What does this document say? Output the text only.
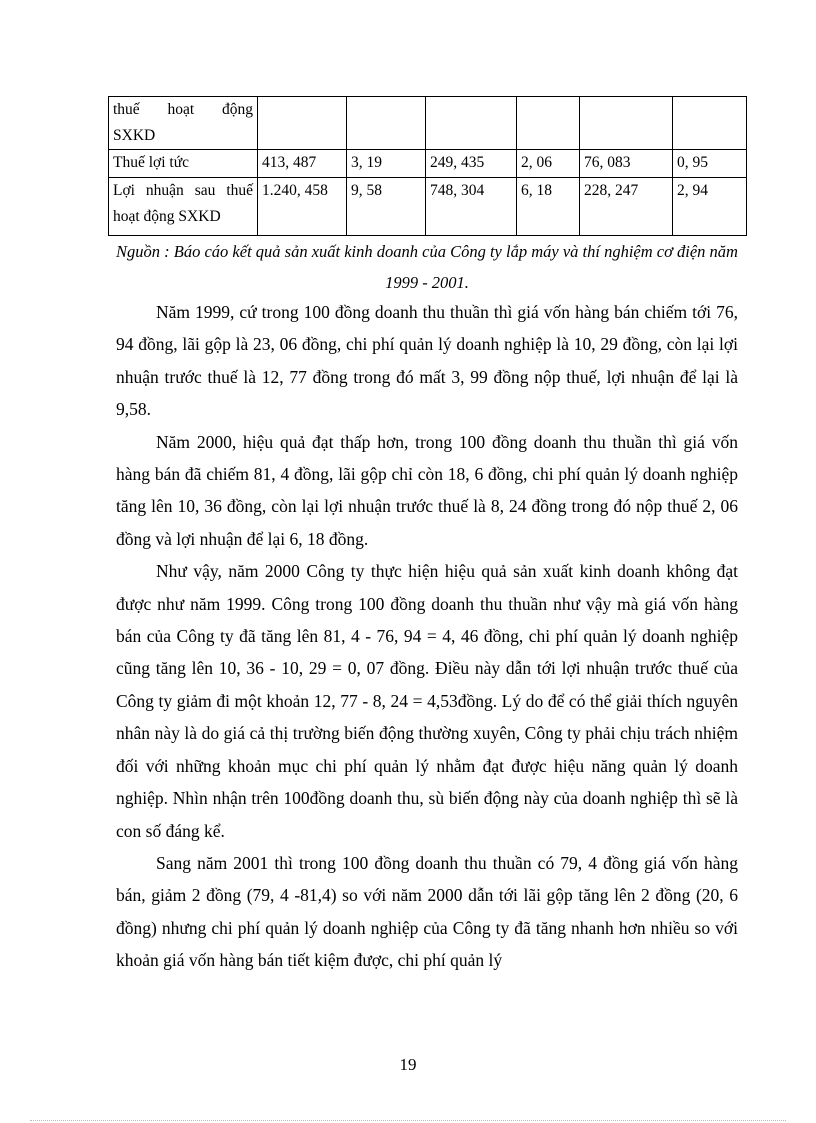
thuế hoạt động
SXKD						

Thuế lợi tức	413, 487	3, 19	249, 435	2, 06	76, 083	0, 95

Lợi nhuận sau thuế
hoạt động SXKD	1.240, 458	9, 58	748, 304	6, 18	228, 247	2, 94
Nguồn : Báo cáo kết quả sản xuất kinh doanh của Công ty lắp máy và thí nghiệm cơ điện năm 1999 - 2001.

Năm 1999, cứ trong 100 đồng doanh thu thuần thì giá vốn hàng bán chiếm tới 76, 94 đồng, lãi gộp là 23, 06 đồng, chi phí quản lý doanh nghiệp là 10, 29 đồng, còn lại lợi nhuận trước thuế là 12, 77 đồng trong đó mất 3, 99 đồng nộp thuế, lợi nhuận để lại là 9,58.

Năm 2000, hiệu quả đạt thấp hơn, trong 100 đồng doanh thu thuần thì giá vốn hàng bán đã chiếm 81, 4 đồng, lãi gộp chỉ còn 18, 6 đồng, chi phí quản lý doanh nghiệp tăng lên 10, 36 đồng, còn lại lợi nhuận trước thuế là 8, 24 đồng trong đó nộp thuế 2, 06 đồng và lợi nhuận để lại 6, 18 đồng.

Như vậy, năm 2000 Công ty thực hiện hiệu quả sản xuất kinh doanh không đạt được như năm 1999. Công trong 100 đồng doanh thu thuần như vậy mà giá vốn hàng bán của Công ty đã tăng lên 81, 4 - 76, 94 = 4, 46 đồng, chi phí quản lý doanh nghiệp cũng tăng lên 10, 36 - 10, 29 = 0, 07 đồng. Điều này dẫn tới lợi nhuận trước thuế của Công ty giảm đi một khoản 12, 77 - 8, 24 = 4,53đồng. Lý do để có thể giải thích nguyên nhân này là do giá cả thị trường biến động thường xuyên, Công ty phải chịu trách nhiệm đối với những khoản mục chi phí quản lý nhằm đạt được hiệu năng quản lý doanh nghiệp. Nhìn nhận trên 100đồng doanh thu, sù biến động này của doanh nghiệp thì sẽ là con số đáng kể.

Sang năm 2001 thì trong 100 đồng doanh thu thuần có 79, 4 đồng giá vốn hàng bán, giảm 2 đồng (79, 4 -81,4) so với năm 2000 dẫn tới lãi gộp tăng lên 2 đồng (20, 6 đồng) nhưng chi phí quản lý doanh nghiệp của Công ty đã tăng nhanh hơn nhiều so với khoản giá vốn hàng bán tiết kiệm được, chi phí quản lý

19
